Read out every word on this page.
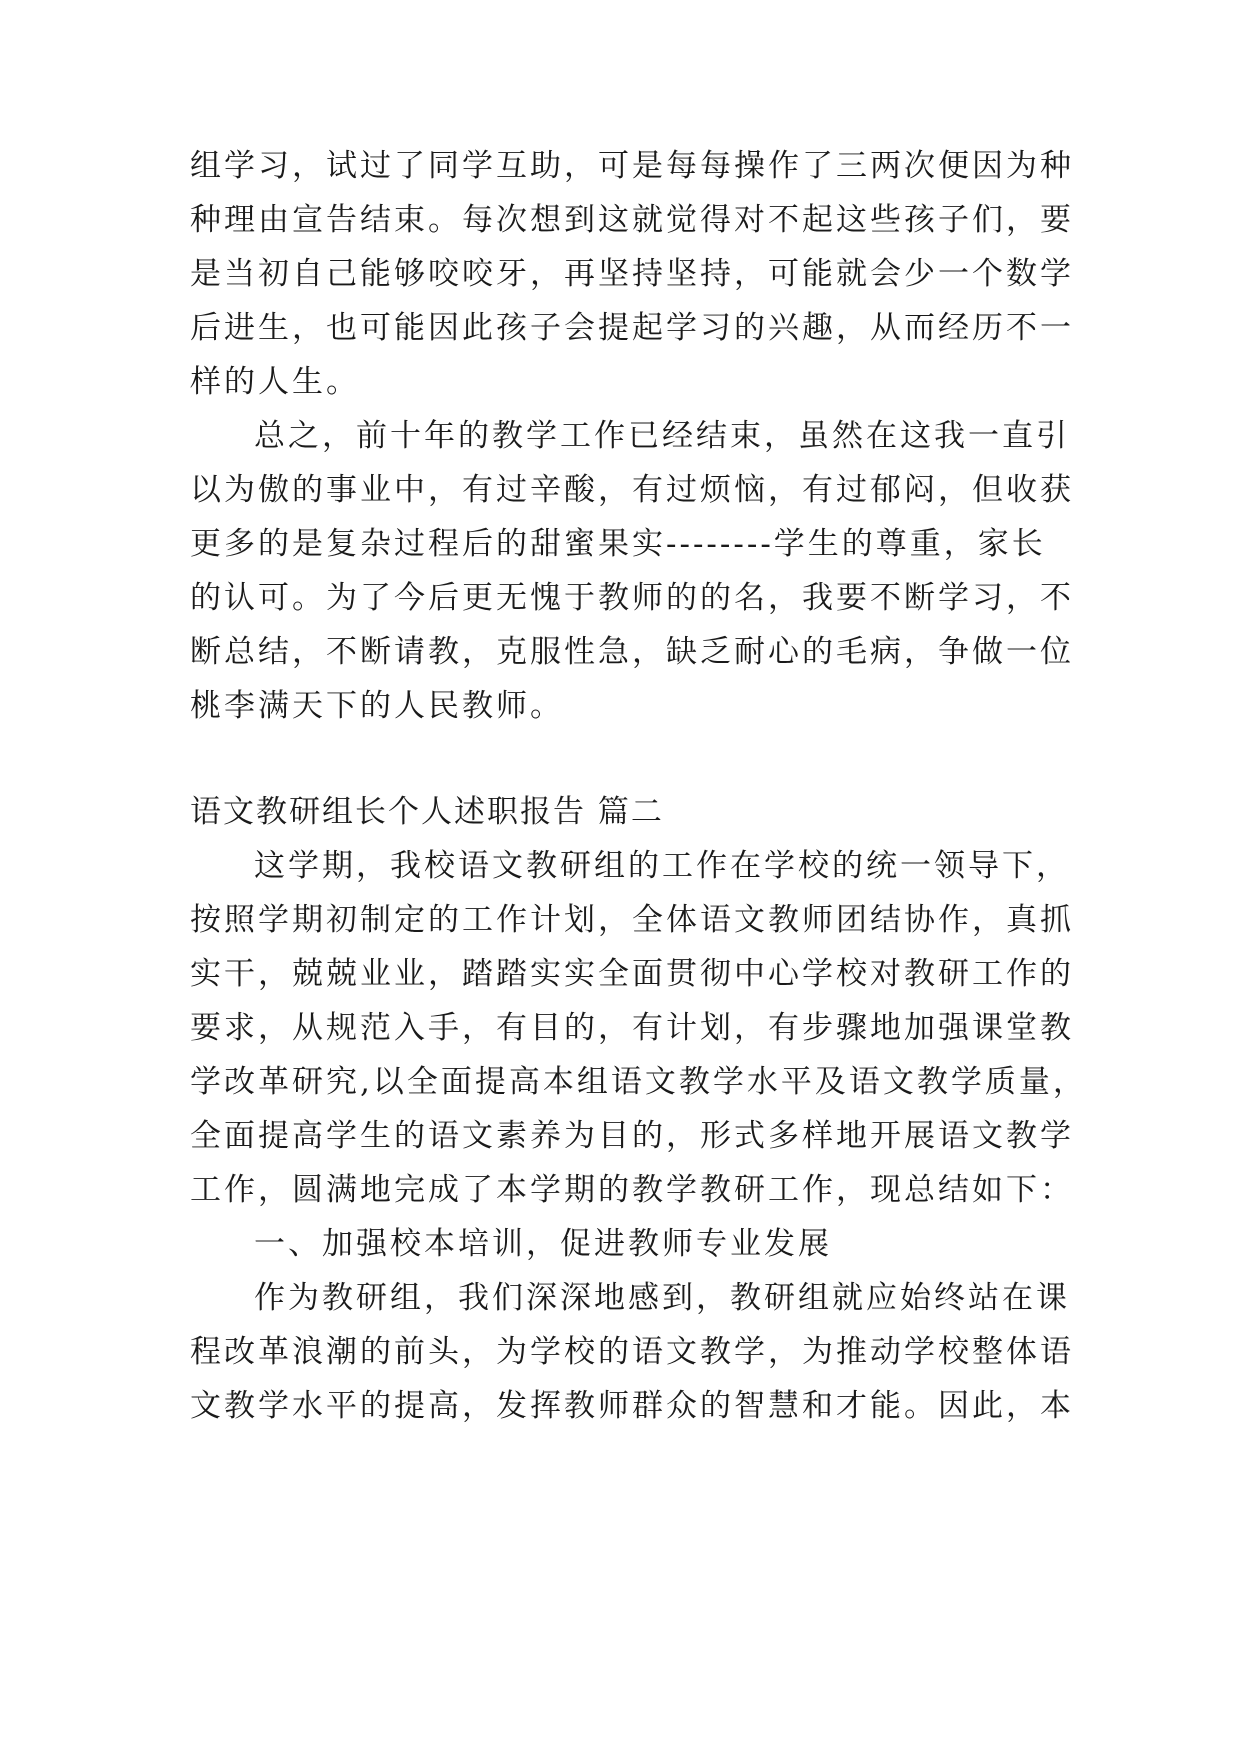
组学习，试过了同学互助，可是每每操作了三两次便因为种
种理由宣告结束。每次想到这就觉得对不起这些孩子们，要
是当初自己能够咬咬牙，再坚持坚持，可能就会少一个数学
后进生，也可能因此孩子会提起学习的兴趣，从而经历不一
样的人生。
总之，前十年的教学工作已经结束，虽然在这我一直引
以为傲的事业中，有过辛酸，有过烦恼，有过郁闷，但收获
更多的是复杂过程后的甜蜜果实--------学生的尊重，家长
的认可。为了今后更无愧于教师的的名，我要不断学习，不
断总结，不断请教，克服性急，缺乏耐心的毛病，争做一位
桃李满天下的人民教师。
语文教研组长个人述职报告 篇二
这学期，我校语文教研组的工作在学校的统一领导下，
按照学期初制定的工作计划，全体语文教师团结协作，真抓
实干，兢兢业业，踏踏实实全面贯彻中心学校对教研工作的
要求，从规范入手，有目的，有计划，有步骤地加强课堂教
学改革研究,以全面提高本组语文教学水平及语文教学质量，
全面提高学生的语文素养为目的，形式多样地开展语文教学
工作，圆满地完成了本学期的教学教研工作，现总结如下：
一、加强校本培训，促进教师专业发展
作为教研组，我们深深地感到，教研组就应始终站在课
程改革浪潮的前头，为学校的语文教学，为推动学校整体语
文教学水平的提高，发挥教师群众的智慧和才能。因此，本
